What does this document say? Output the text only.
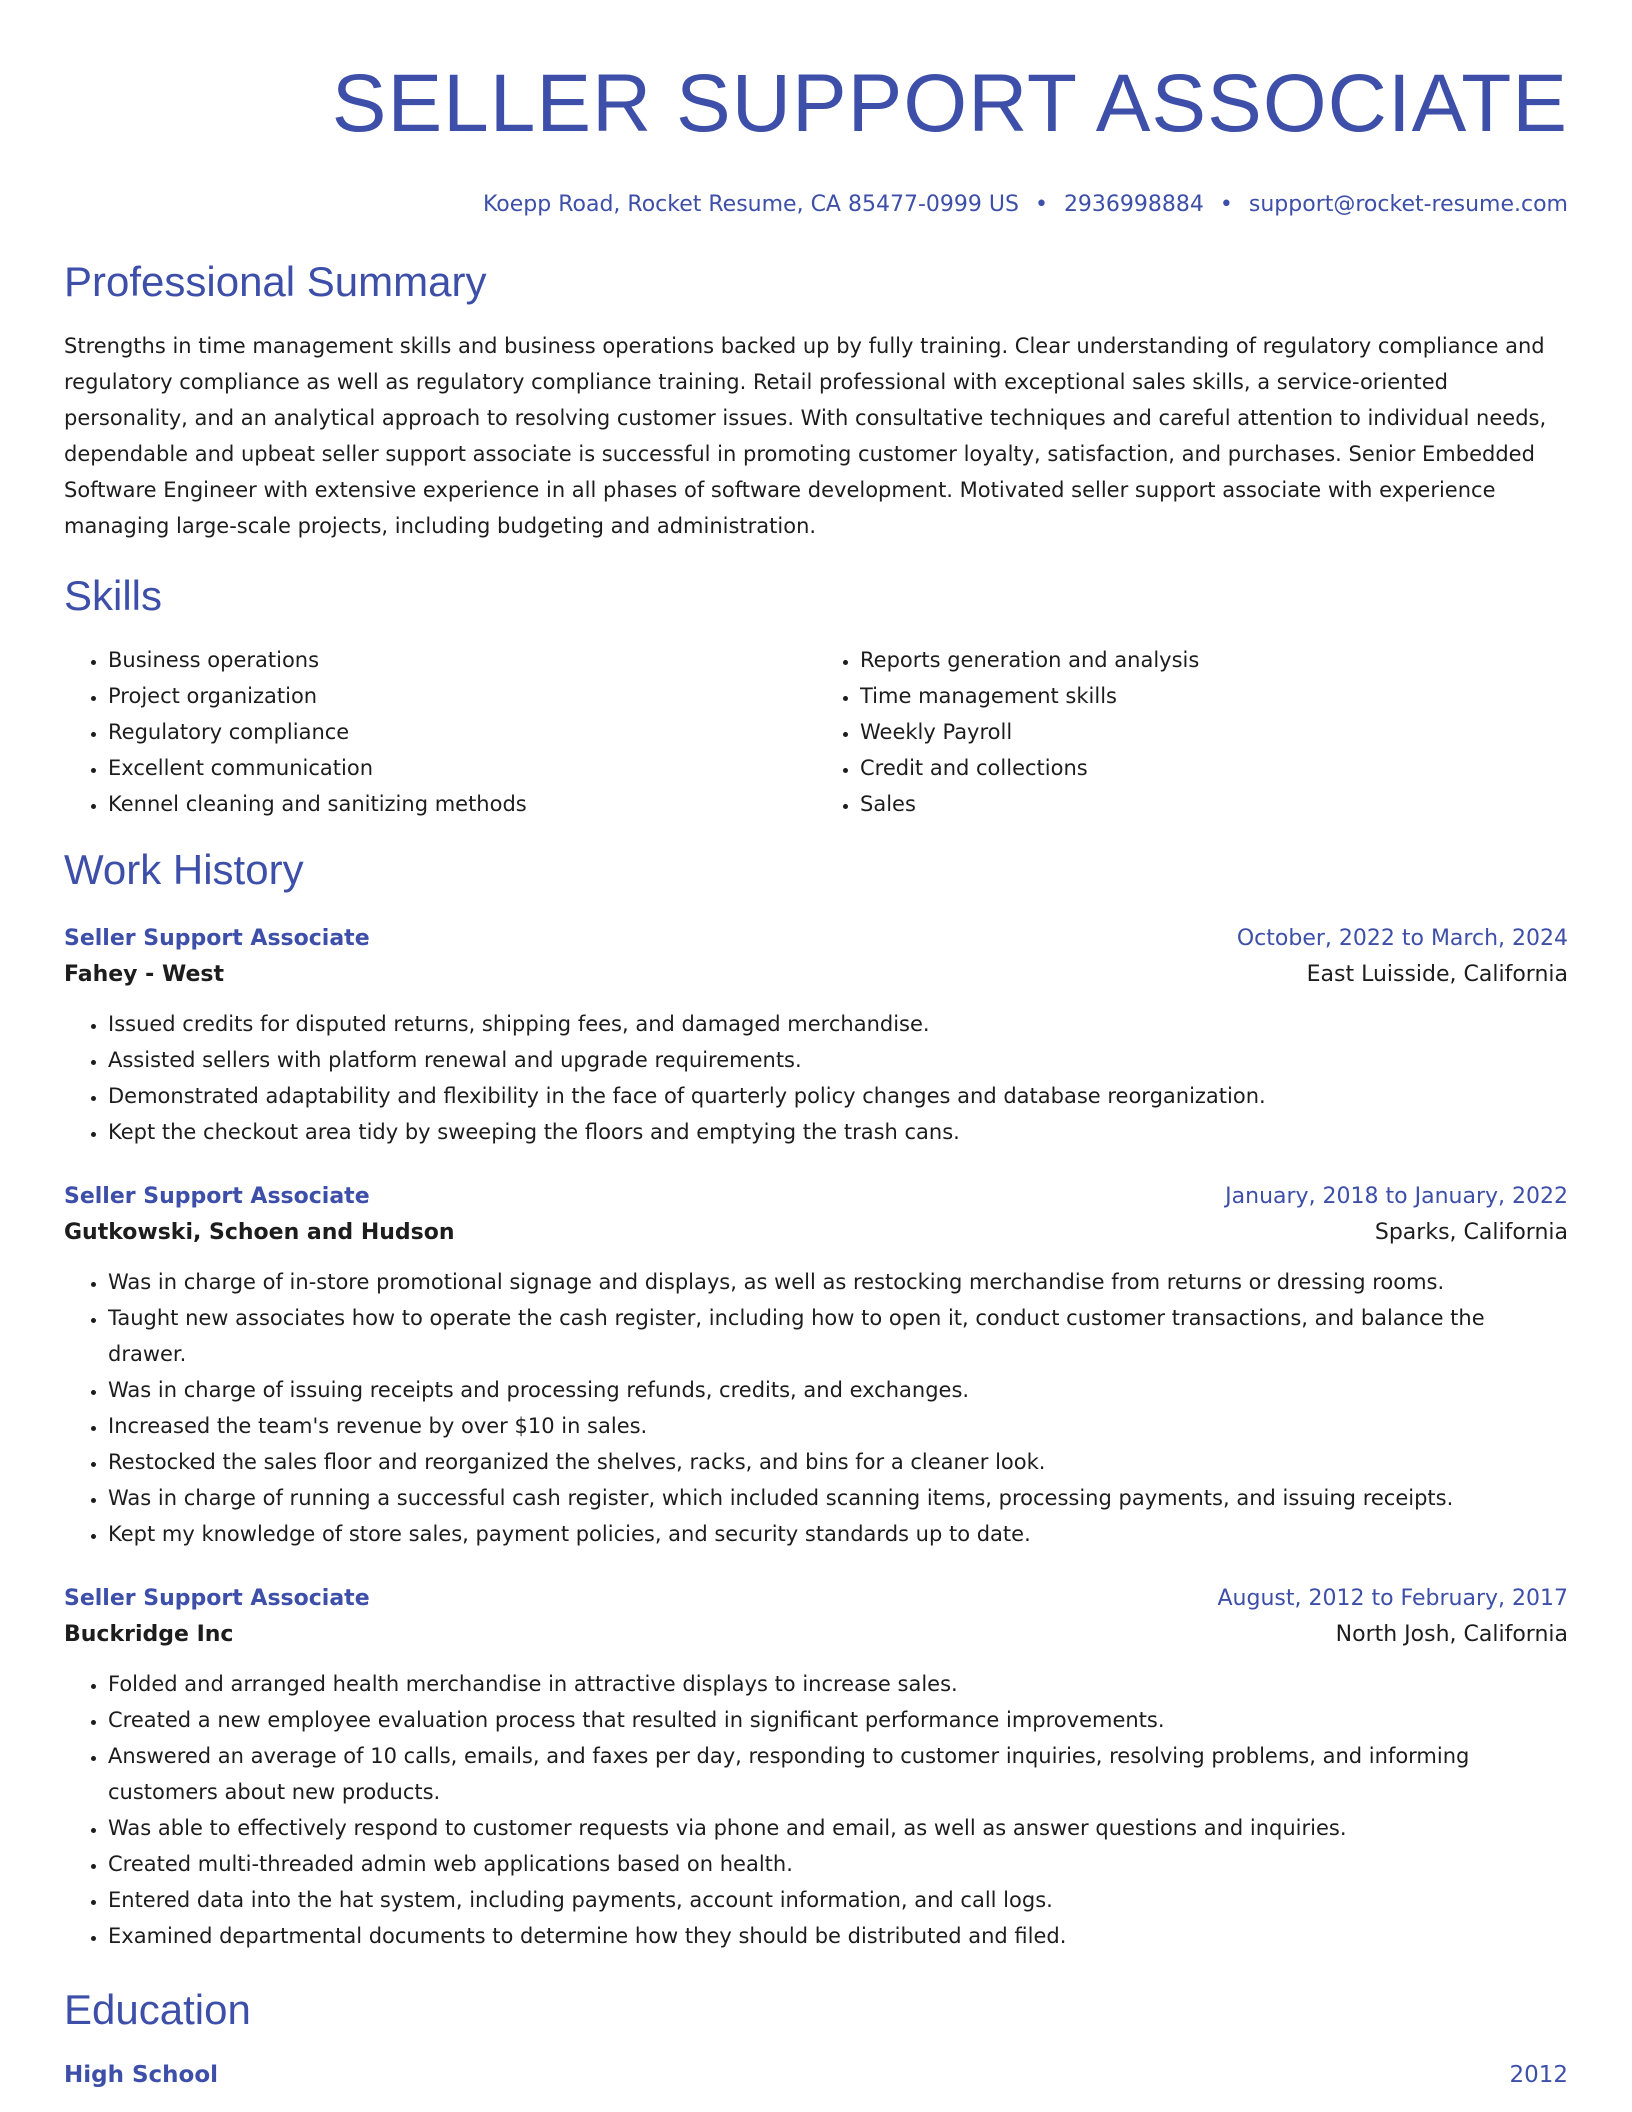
SELLER SUPPORT ASSOCIATE
Koepp Road, Rocket Resume, CA 85477-0999 US • 2936998884 • support@rocket-resume.com
Professional Summary

Strengths in time management skills and business operations backed up by fully training. Clear understanding of regulatory compliance and regulatory compliance as well as regulatory compliance training. Retail professional with exceptional sales skills, a service-oriented personality, and an analytical approach to resolving customer issues. With consultative techniques and careful attention to individual needs, dependable and upbeat seller support associate is successful in promoting customer loyalty, satisfaction, and purchases. Senior Embedded Software Engineer with extensive experience in all phases of software development. Motivated seller support associate with experience managing large-scale projects, including budgeting and administration.

Skills
• Business operations
• Project organization
• Regulatory compliance
• Excellent communication
• Kennel cleaning and sanitizing methods
• Reports generation and analysis
• Time management skills
• Weekly Payroll
• Credit and collections
• Sales
Work History
Seller Support Associate	October, 2022 to March, 2024
Fahey - West	East Luisside, California
• Issued credits for disputed returns, shipping fees, and damaged merchandise.
• Assisted sellers with platform renewal and upgrade requirements.
• Demonstrated adaptability and flexibility in the face of quarterly policy changes and database reorganization.
• Kept the checkout area tidy by sweeping the floors and emptying the trash cans.
Seller Support Associate	January, 2018 to January, 2022
Gutkowski, Schoen and Hudson	Sparks, California
• Was in charge of in-store promotional signage and displays, as well as restocking merchandise from returns or dressing rooms.
• Taught new associates how to operate the cash register, including how to open it, conduct customer transactions, and balance the drawer.
• Was in charge of issuing receipts and processing refunds, credits, and exchanges.
• Increased the team's revenue by over $10 in sales.
• Restocked the sales floor and reorganized the shelves, racks, and bins for a cleaner look.
• Was in charge of running a successful cash register, which included scanning items, processing payments, and issuing receipts.
• Kept my knowledge of store sales, payment policies, and security standards up to date.
Seller Support Associate	August, 2012 to February, 2017
Buckridge Inc	North Josh, California
• Folded and arranged health merchandise in attractive displays to increase sales.
• Created a new employee evaluation process that resulted in significant performance improvements.
• Answered an average of 10 calls, emails, and faxes per day, responding to customer inquiries, resolving problems, and informing customers about new products.
• Was able to effectively respond to customer requests via phone and email, as well as answer questions and inquiries.
• Created multi-threaded admin web applications based on health.
• Entered data into the hat system, including payments, account information, and call logs.
• Examined departmental documents to determine how they should be distributed and filed.
Education
High School	2012
